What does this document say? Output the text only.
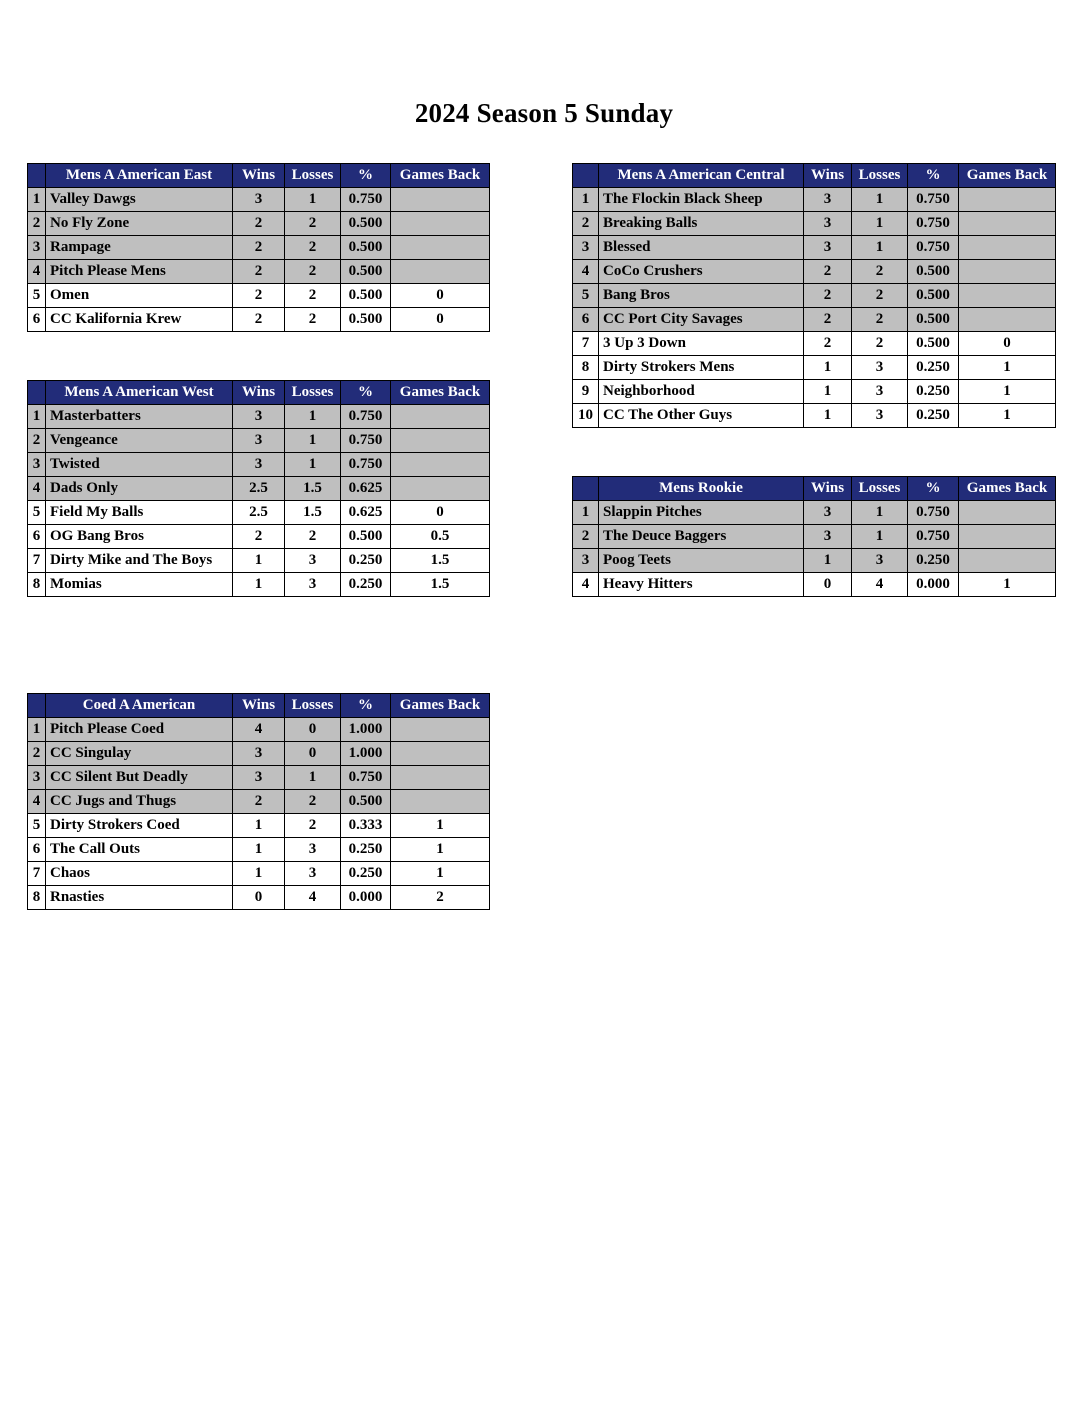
2024 Season 5 Sunday
	Mens A American East	Wins	Losses	%	Games Back
1	Valley Dawgs	3	1	0.750	
2	No Fly Zone	2	2	0.500	
3	Rampage	2	2	0.500	
4	Pitch Please Mens	2	2	0.500	
5	Omen	2	2	0.500	0
6	CC Kalifornia Krew	2	2	0.500	0
	Mens A American Central	Wins	Losses	%	Games Back
1	The Flockin Black Sheep	3	1	0.750	
2	Breaking Balls	3	1	0.750	
3	Blessed	3	1	0.750	
4	CoCo Crushers	2	2	0.500	
5	Bang Bros	2	2	0.500	
6	CC Port City Savages	2	2	0.500	
7	3 Up 3 Down	2	2	0.500	0
8	Dirty Strokers Mens	1	3	0.250	1
9	Neighborhood	1	3	0.250	1
10	CC The Other Guys	1	3	0.250	1
	Mens A American West	Wins	Losses	%	Games Back
1	Masterbatters	3	1	0.750	
2	Vengeance	3	1	0.750	
3	Twisted	3	1	0.750	
4	Dads Only	2.5	1.5	0.625	
5	Field My Balls	2.5	1.5	0.625	0
6	OG Bang Bros	2	2	0.500	0.5
7	Dirty Mike and The Boys	1	3	0.250	1.5
8	Momias	1	3	0.250	1.5
	Mens Rookie	Wins	Losses	%	Games Back
1	Slappin Pitches	3	1	0.750	
2	The Deuce Baggers	3	1	0.750	
3	Poog Teets	1	3	0.250	
4	Heavy Hitters	0	4	0.000	1
	Coed A American	Wins	Losses	%	Games Back
1	Pitch Please Coed	4	0	1.000	
2	CC Singulay	3	0	1.000	
3	CC Silent But Deadly	3	1	0.750	
4	CC Jugs and Thugs	2	2	0.500	
5	Dirty Strokers Coed	1	2	0.333	1
6	The Call Outs	1	3	0.250	1
7	Chaos	1	3	0.250	1
8	Rnasties	0	4	0.000	2
